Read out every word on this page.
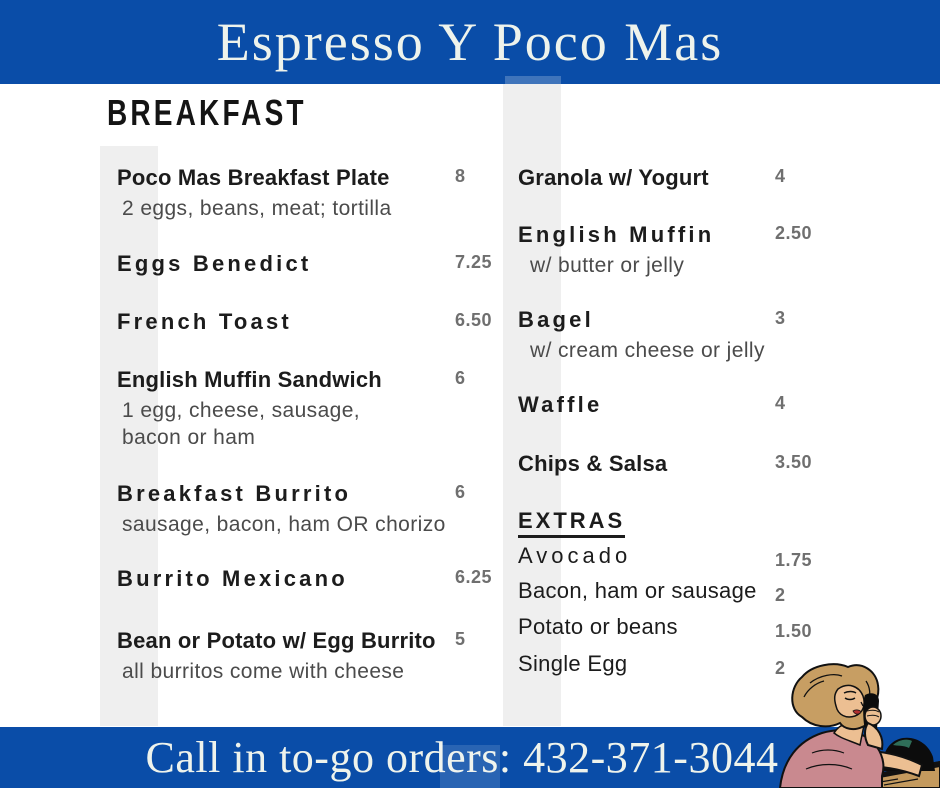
Espresso Y Poco Mas
BREAKFAST
Poco Mas Breakfast Plate	8
2 eggs, beans, meat; tortilla
Eggs Benedict	7.25
French Toast	6.50
English Muffin Sandwich	6
1 egg, cheese, sausage,
bacon or ham
Breakfast Burrito	6
sausage, bacon, ham OR chorizo
Burrito Mexicano	6.25
Bean or Potato w/ Egg Burrito 5
all burritos come with cheese
Granola w/ Yogurt	4
English Muffin	2.50
w/ butter or jelly
Bagel	3
w/ cream cheese or jelly
Waffle	4
Chips & Salsa	3.50
EXTRAS
Avocado	1.75
Bacon, ham or sausage 2
Potato or beans	1.50
Single Egg	2
Call in to-go orders: 432-371-3044
